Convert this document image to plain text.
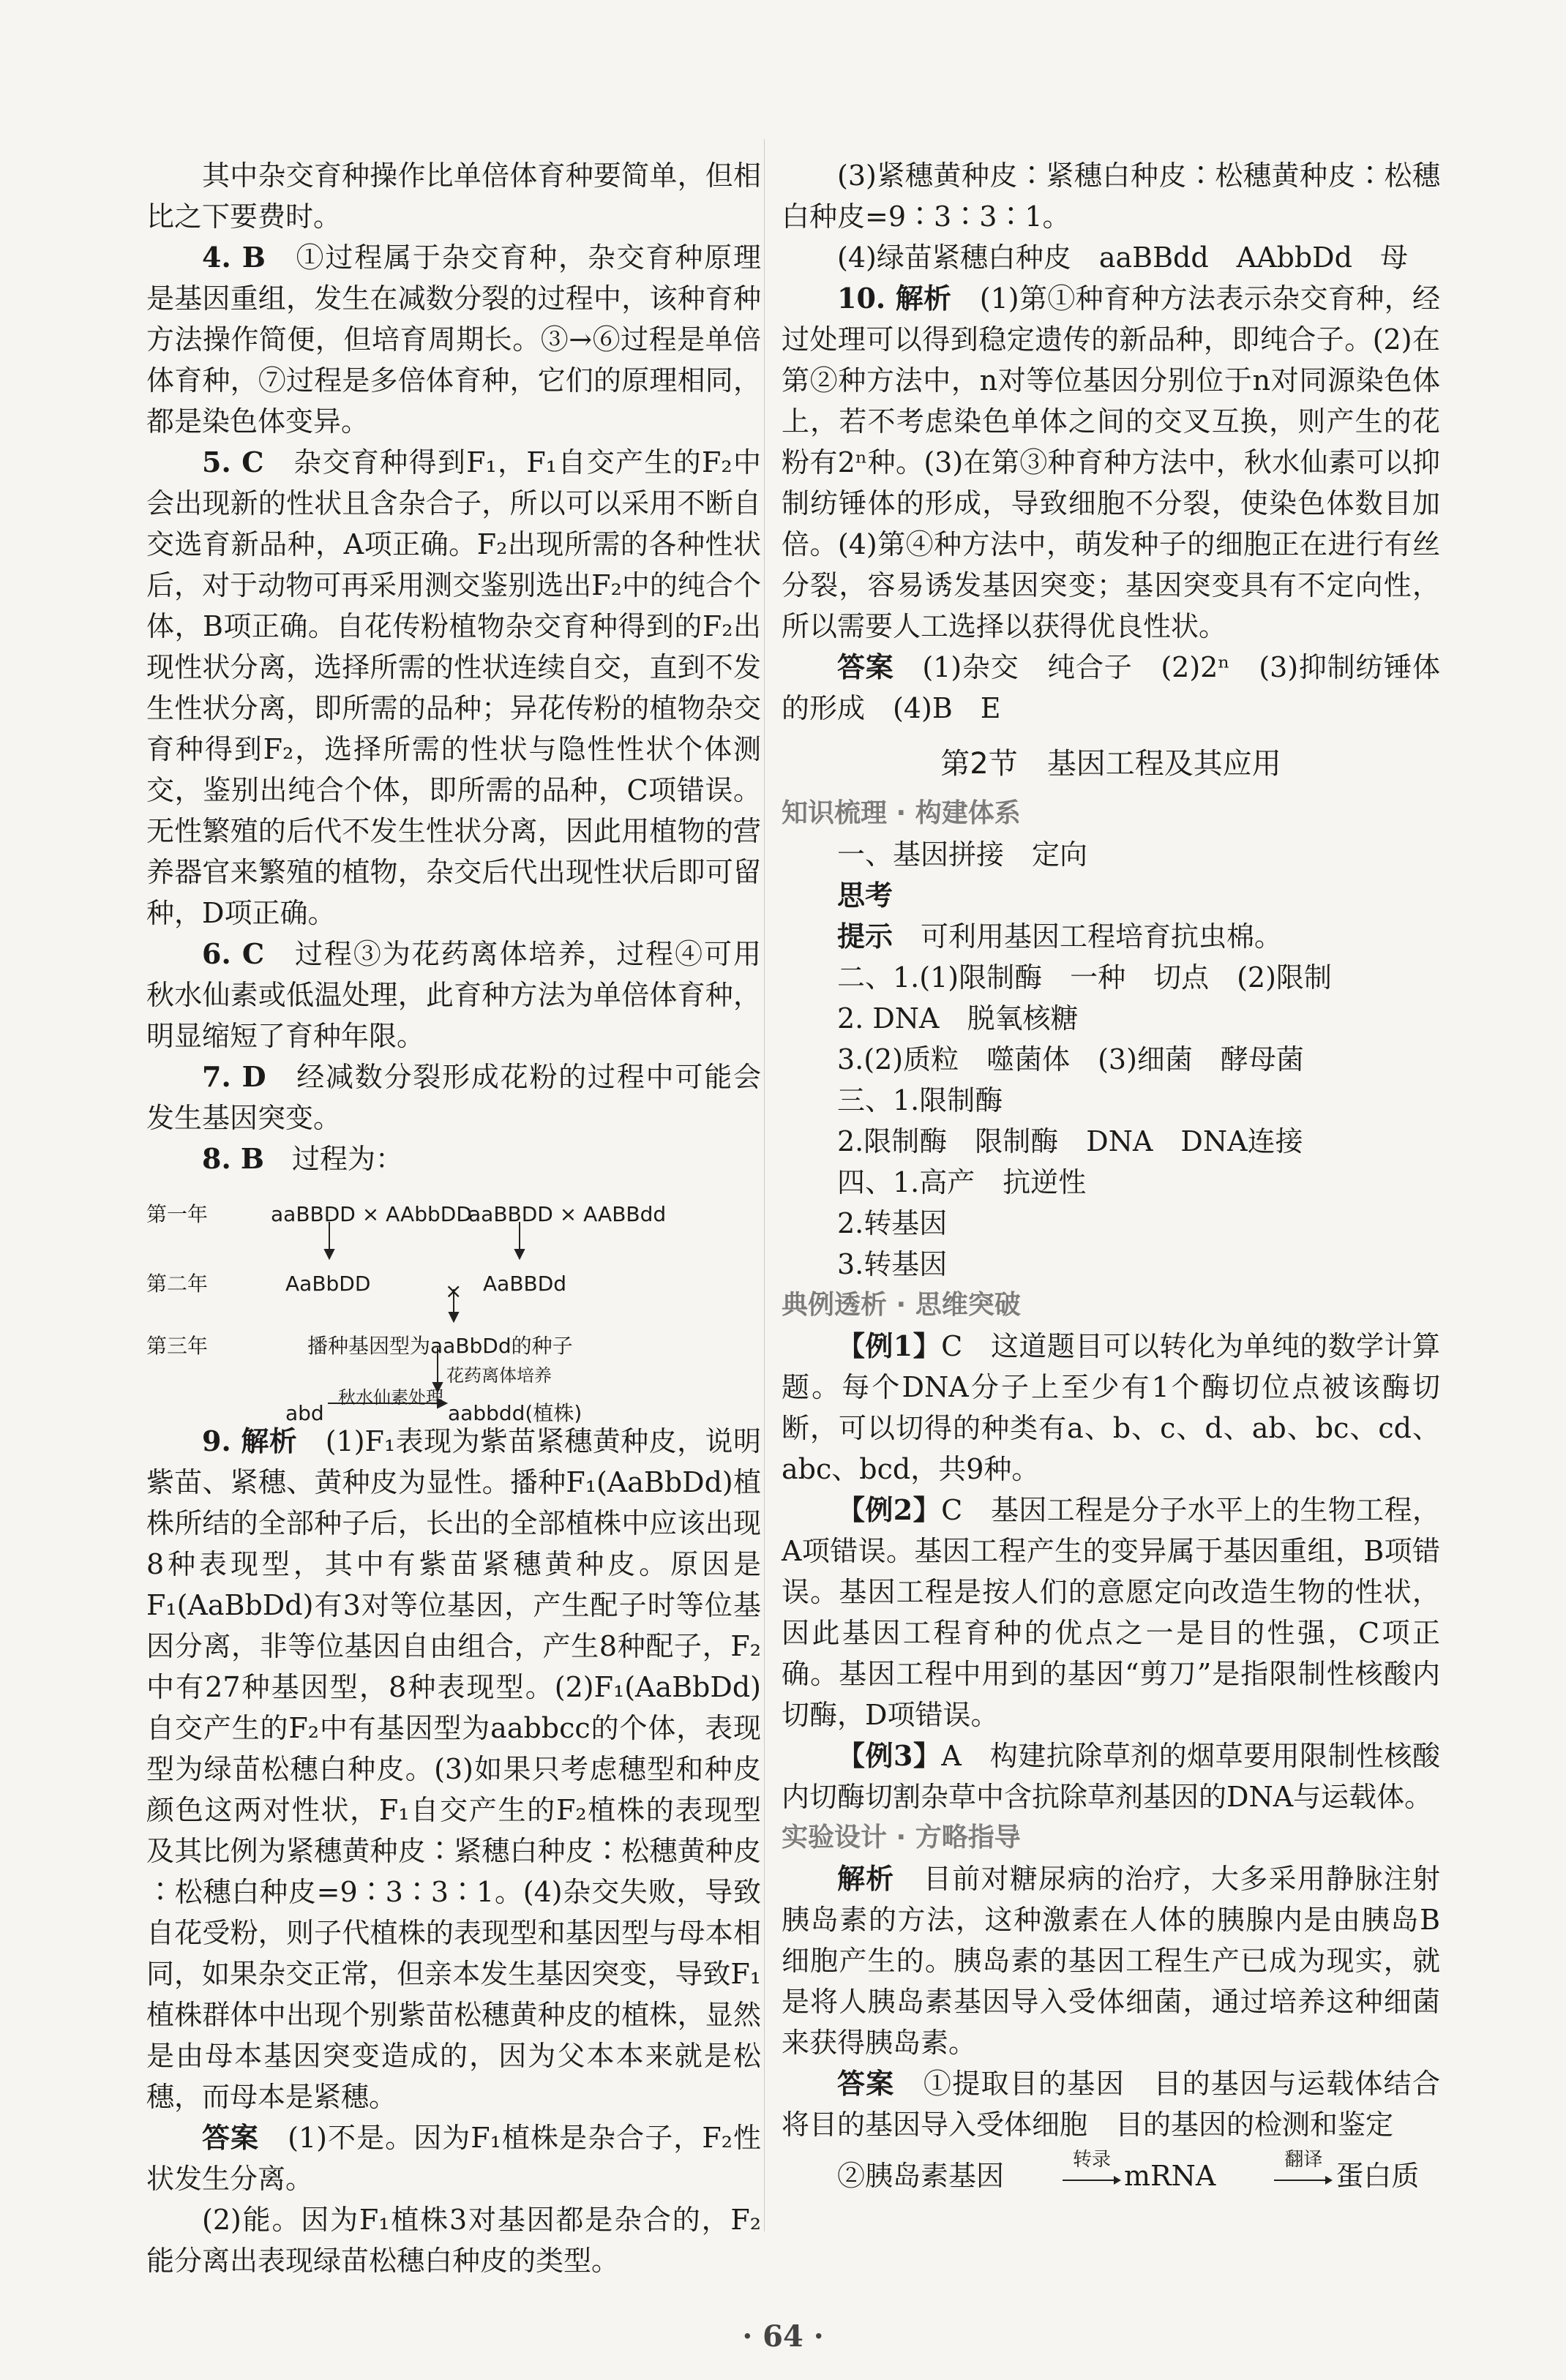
其中杂交育种操作比单倍体育种要简单，但相比之下要费时。

4. B　 ①过程属于杂交育种，杂交育种原理是基因重组，发生在减数分裂的过程中，该种育种方法操作简便，但培育周期长。③→⑥过程是单倍体育种，⑦过程是多倍体育种，它们的原理相同，都是染色体变异。

5. C　 杂交育种得到F₁，F₁自交产生的F₂中会出现新的性状且含杂合子，所以可以采用不断自交选育新品种，A项正确。F₂出现所需的各种性状后，对于动物可再采用测交鉴别选出F₂中的纯合个体，B项正确。自花传粉植物杂交育种得到的F₂出现性状分离，选择所需的性状连续自交，直到不发生性状分离，即所需的品种；异花传粉的植物杂交育种得到F₂，选择所需的性状与隐性性状个体测交，鉴别出纯合个体，即所需的品种，C项错误。无性繁殖的后代不发生性状分离，因此用植物的营养器官来繁殖的植物，杂交后代出现性状后即可留种，D项正确。

6. C　 过程③为花药离体培养，过程④可用秋水仙素或低温处理，此育种方法为单倍体育种，明显缩短了育种年限。

7. D　 经减数分裂形成花粉的过程中可能会发生基因突变。

8. B　 过程为：

第一年	aaBBDD × AAbbDD
aaBBDD × AABBdd
第二年	AaBbDD	× AaBBDd
第三年	播种基因型为aaBbDd的种子
花药离体培养
秋水仙素处理
abd	aabbdd(植株)

9. 解析　 (1)F₁表现为紫苗紧穗黄种皮，说明紫苗、紧穗、黄种皮为显性。播种F₁(AaBbDd)植株所结的全部种子后，长出的全部植株中应该出现8种表现型，其中有紫苗紧穗黄种皮。原因是F₁(AaBbDd)有3对等位基因，产生配子时等位基因分离，非等位基因自由组合，产生8种配子，F₂中有27种基因型，8种表现型。(2)F₁(AaBbDd)自交产生的F₂中有基因型为aabbcc的个体，表现型为绿苗松穗白种皮。(3)如果只考虑穗型和种皮颜色这两对性状，F₁自交产生的F₂植株的表现型及其比例为紧穗黄种皮∶紧穗白种皮∶松穗黄种皮∶松穗白种皮=9∶3∶3∶1。(4)杂交失败，导致自花受粉，则子代植株的表现型和基因型与母本相同，如果杂交正常，但亲本发生基因突变，导致F₁植株群体中出现个别紫苗松穗黄种皮的植株，显然是由母本基因突变造成的，因为父本本来就是松穗，而母本是紧穗。

答案　 (1)不是。因为F₁植株是杂合子，F₂性状发生分离。

(2)能。因为F₁植株3对基因都是杂合的，F₂能分离出表现绿苗松穗白种皮的类型。

(3)紧穗黄种皮∶紧穗白种皮∶松穗黄种皮∶松穗白种皮=9∶3∶3∶1。

(4)绿苗紧穗白种皮　aaBBdd　AAbbDd　母

10. 解析　 (1)第①种育种方法表示杂交育种，经过处理可以得到稳定遗传的新品种，即纯合子。(2)在第②种方法中，n对等位基因分别位于n对同源染色体上，若不考虑染色单体之间的交叉互换，则产生的花粉有2ⁿ种。(3)在第③种育种方法中，秋水仙素可以抑制纺锤体的形成，导致细胞不分裂，使染色体数目加倍。(4)第④种方法中，萌发种子的细胞正在进行有丝分裂，容易诱发基因突变；基因突变具有不定向性，所以需要人工选择以获得优良性状。

答案　 (1)杂交　纯合子　(2)2ⁿ　(3)抑制纺锤体的形成　(4)B　E

第2节　基因工程及其应用

知识梳理 · 构建体系

一、基因拼接　定向

思考

提示　 可利用基因工程培育抗虫棉。

二、1.(1)限制酶　一种　切点　(2)限制

2. DNA　脱氧核糖

3.(2)质粒　噬菌体　(3)细菌　酵母菌

三、1.限制酶

2.限制酶　限制酶　DNA　DNA连接

四、1.高产　抗逆性

2.转基因

3.转基因

典例透析 · 思维突破

【例1】C　 这道题目可以转化为单纯的数学计算题。每个DNA分子上至少有1个酶切位点被该酶切断，可以切得的种类有a、b、c、d、ab、bc、cd、abc、bcd，共9种。

【例2】C　 基因工程是分子水平上的生物工程，A项错误。基因工程产生的变异属于基因重组，B项错误。基因工程是按人们的意愿定向改造生物的性状，因此基因工程育种的优点之一是目的性强，C项正确。基因工程中用到的基因“剪刀”是指限制性核酸内切酶，D项错误。

【例3】A　 构建抗除草剂的烟草要用限制性核酸内切酶切割杂草中含抗除草剂基因的DNA与运载体。

实验设计 · 方略指导

解析　 目前对糖尿病的治疗，大多采用静脉注射胰岛素的方法，这种激素在人体的胰腺内是由胰岛B细胞产生的。胰岛素的基因工程生产已成为现实，就是将人胰岛素基因导入受体细菌，通过培养这种细菌来获得胰岛素。

答案　 ①提取目的基因　目的基因与运载体结合　将目的基因导入受体细胞　目的基因的检测和鉴定

②胰岛素基因	转录 mRNA	翻译 蛋白质

· 64 ·
